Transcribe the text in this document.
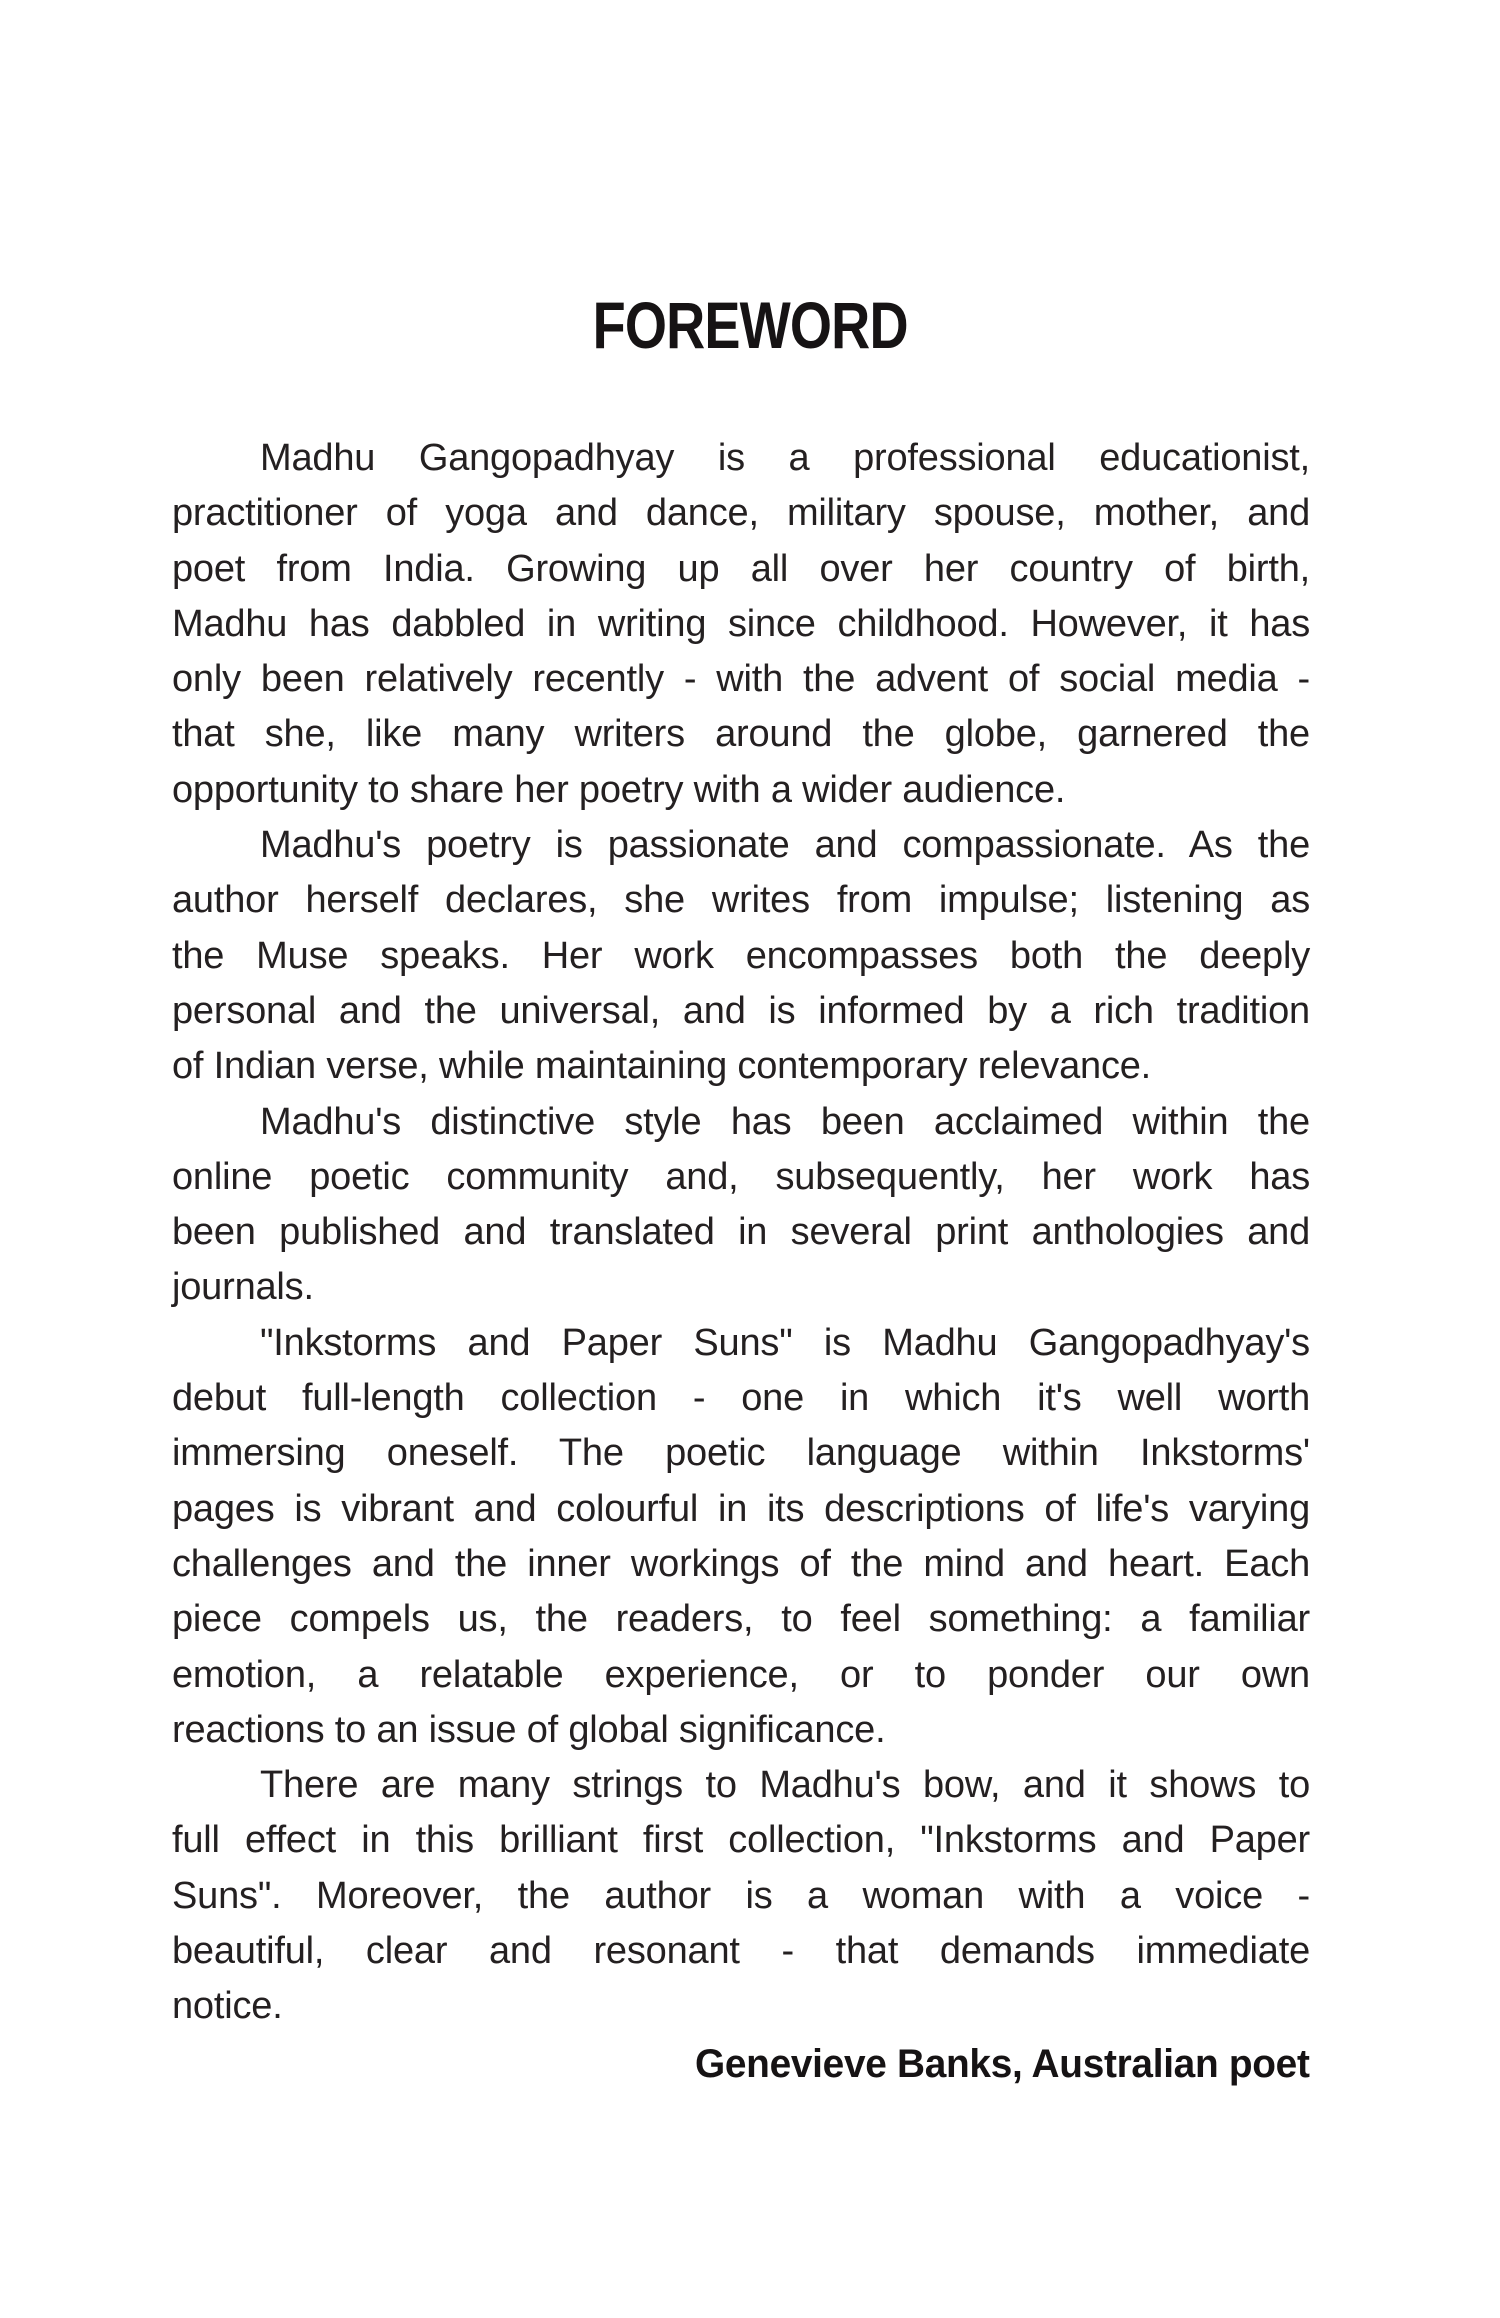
FOREWORD
Madhu Gangopadhyay is a professional educationist,
practitioner of yoga and dance, military spouse, mother, and
poet from India. Growing up all over her country of birth,
Madhu has dabbled in writing since childhood. However, it has
only been relatively recently - with the advent of social media -
that she, like many writers around the globe, garnered the
opportunity to share her poetry with a wider audience.
Madhu's poetry is passionate and compassionate. As the
author herself declares, she writes from impulse; listening as
the Muse speaks. Her work encompasses both the deeply
personal and the universal, and is informed by a rich tradition
of Indian verse, while maintaining contemporary relevance.
Madhu's distinctive style has been acclaimed within the
online poetic community and, subsequently, her work has
been published and translated in several print anthologies and
journals.
"Inkstorms and Paper Suns" is Madhu Gangopadhyay's
debut full-length collection - one in which it's well worth
immersing oneself. The poetic language within Inkstorms'
pages is vibrant and colourful in its descriptions of life's varying
challenges and the inner workings of the mind and heart. Each
piece compels us, the readers, to feel something: a familiar
emotion, a relatable experience, or to ponder our own
reactions to an issue of global significance.
There are many strings to Madhu's bow, and it shows to
full effect in this brilliant first collection, "Inkstorms and Paper
Suns". Moreover, the author is a woman with a voice -
beautiful, clear and resonant - that demands immediate
notice.
Genevieve Banks, Australian poet
